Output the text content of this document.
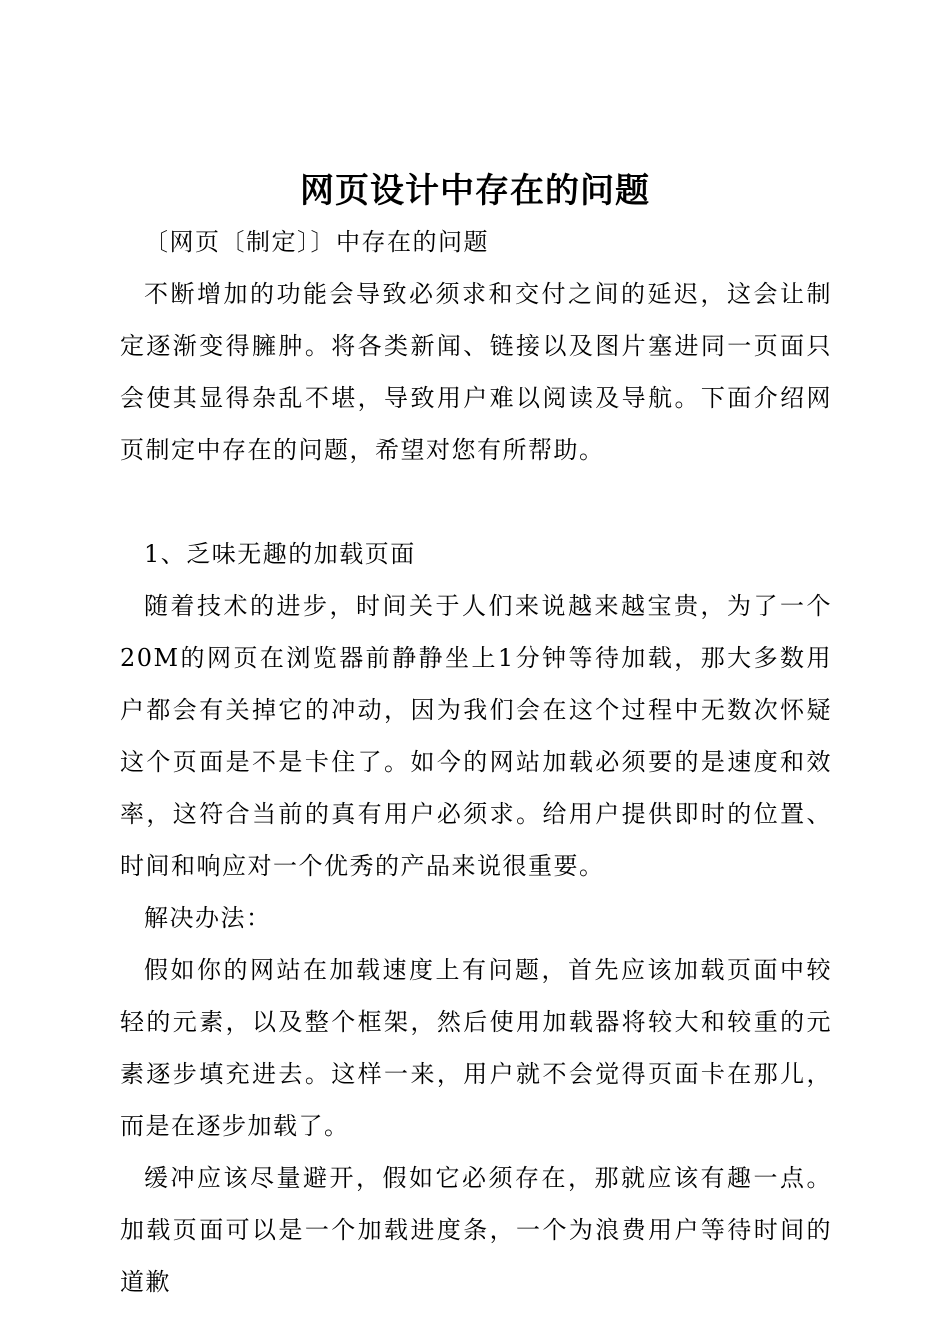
网页设计中存在的问题

〔网页〔制定〕〕中存在的问题

不断增加的功能会导致必须求和交付之间的延迟，这会让制定逐渐变得臃肿。将各类新闻、链接以及图片塞进同一页面只会使其显得杂乱不堪，导致用户难以阅读及导航。下面介绍网页制定中存在的问题，希望对您有所帮助。

1、乏味无趣的加载页面

随着技术的进步，时间关于人们来说越来越宝贵，为了一个20M的网页在浏览器前静静坐上1分钟等待加载，那大多数用户都会有关掉它的冲动，因为我们会在这个过程中无数次怀疑这个页面是不是卡住了。如今的网站加载必须要的是速度和效率，这符合当前的真有用户必须求。给用户提供即时的位置、时间和响应对一个优秀的产品来说很重要。

解决办法：

假如你的网站在加载速度上有问题，首先应该加载页面中较轻的元素，以及整个框架，然后使用加载器将较大和较重的元素逐步填充进去。这样一来，用户就不会觉得页面卡在那儿，而是在逐步加载了。

缓冲应该尽量避开，假如它必须存在，那就应该有趣一点。加载页面可以是一个加载进度条，一个为浪费用户等待时间的道歉
